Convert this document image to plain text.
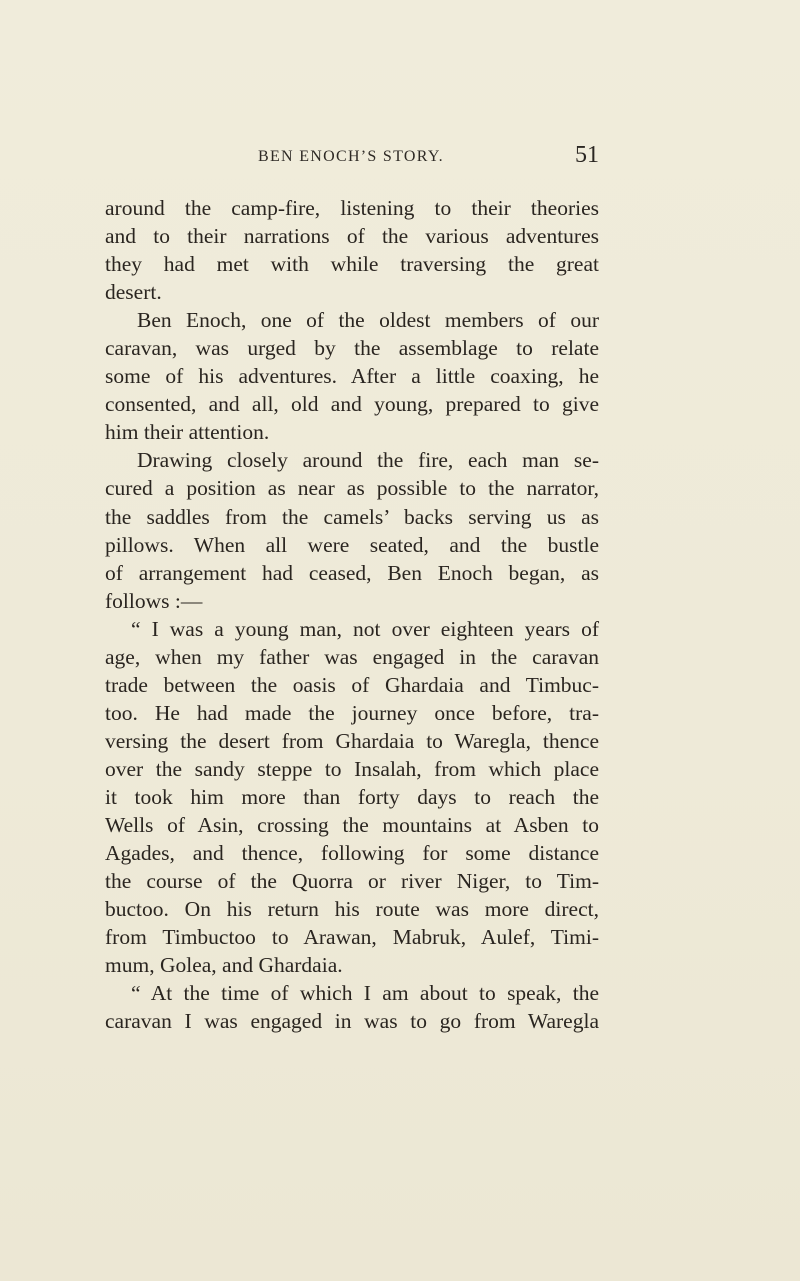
BEN ENOCH’S STORY.	51
around the camp-fire, listening to their theories
and to their narrations of the various adventures
they had met with while traversing the great
desert.
Ben Enoch, one of the oldest members of our
caravan, was urged by the assemblage to relate
some of his adventures. After a little coaxing, he
consented, and all, old and young, prepared to give
him their attention.
Drawing closely around the fire, each man se-
cured a position as near as possible to the narrator,
the saddles from the camels’ backs serving us as
pillows. When all were seated, and the bustle
of arrangement had ceased, Ben Enoch began, as
follows :—
“ I was a young man, not over eighteen years of
age, when my father was engaged in the caravan
trade between the oasis of Ghardaia and Timbuc-
too. He had made the journey once before, tra-
versing the desert from Ghardaia to Waregla, thence
over the sandy steppe to Insalah, from which place
it took him more than forty days to reach the
Wells of Asin, crossing the mountains at Asben to
Agades, and thence, following for some distance
the course of the Quorra or river Niger, to Tim-
buctoo. On his return his route was more direct,
from Timbuctoo to Arawan, Mabruk, Aulef, Timi-
mum, Golea, and Ghardaia.
“ At the time of which I am about to speak, the
caravan I was engaged in was to go from Waregla
